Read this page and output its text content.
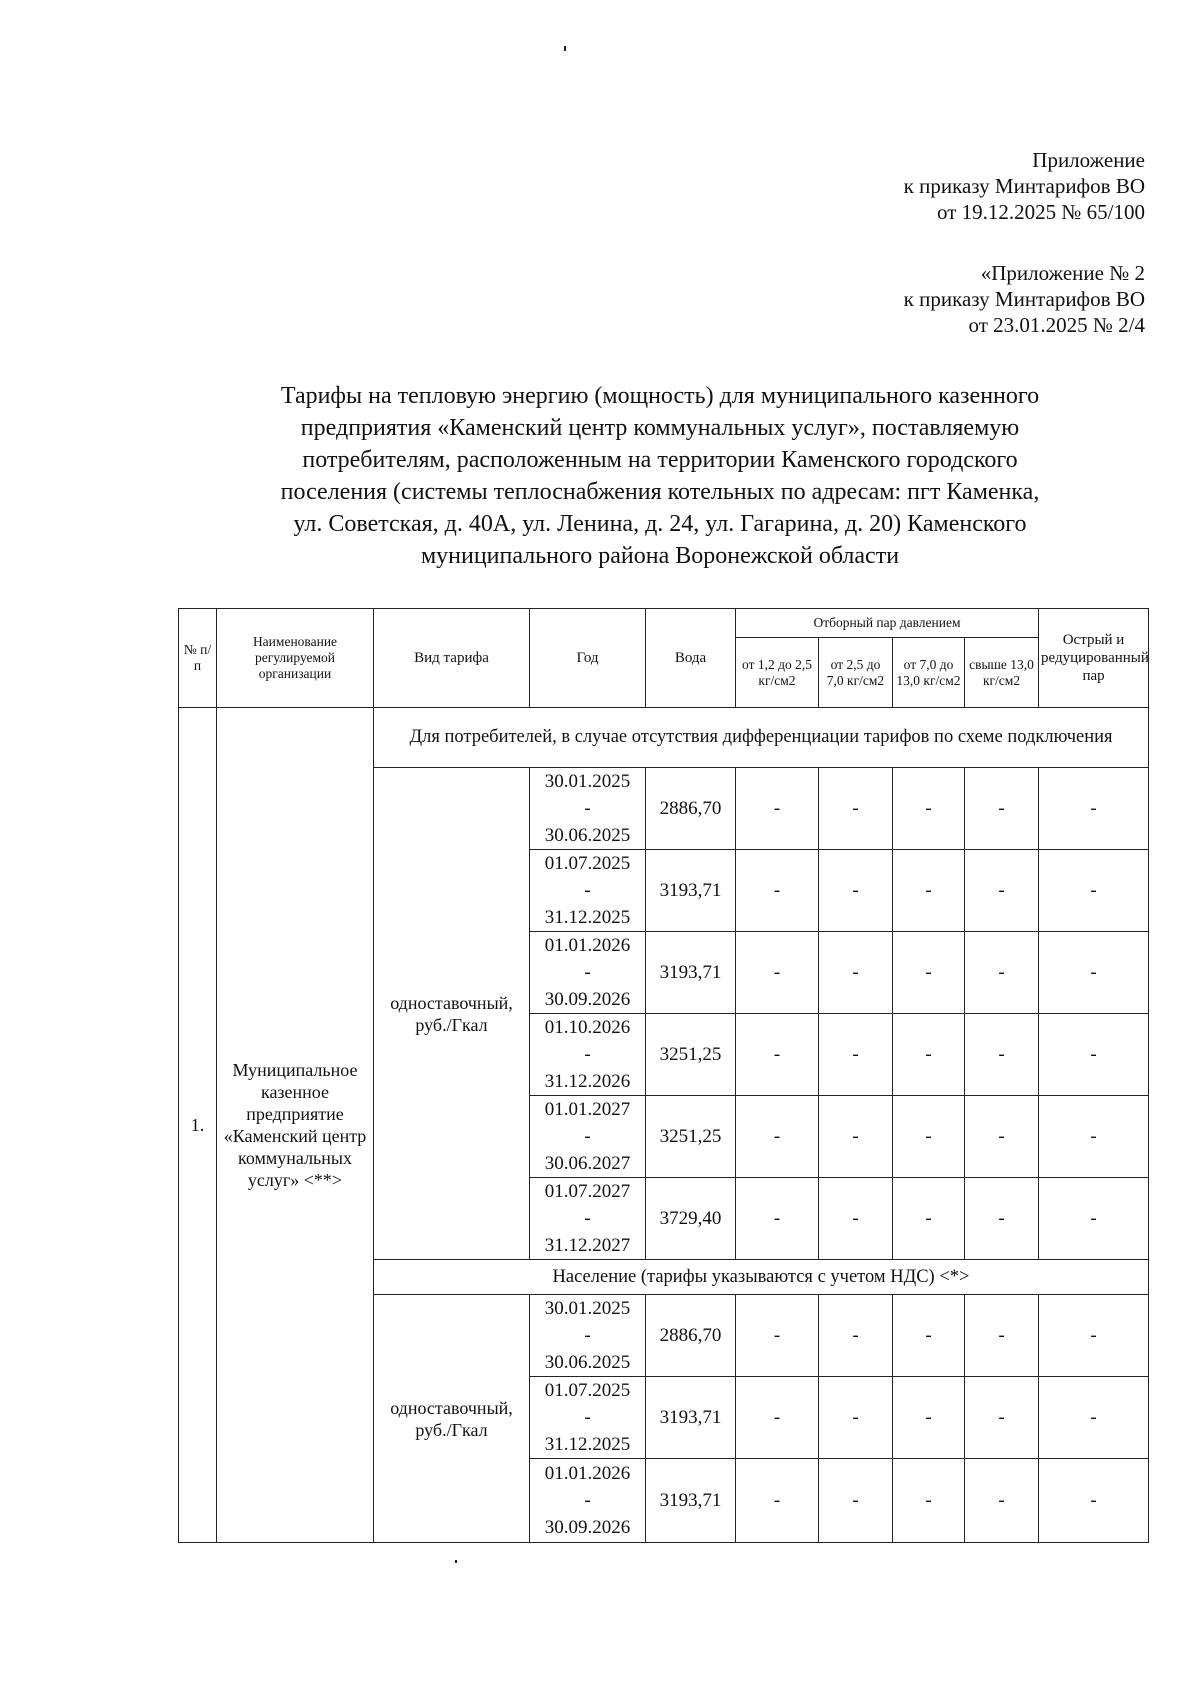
Приложение
к приказу Минтарифов ВО
от 19.12.2025 № 65/100
«Приложение № 2
к приказу Минтарифов ВО
от 23.01.2025 № 2/4
Тарифы на тепловую энергию (мощность) для муниципального казенного
предприятия «Каменский центр коммунальных услуг», поставляемую
потребителям, расположенным на территории Каменского городского
поселения (системы теплоснабжения котельных по адресам: пгт Каменка,
ул. Советская, д. 40А, ул. Ленина, д. 24, ул. Гагарина, д. 20) Каменского
муниципального района Воронежской области
№ п/п	Наименование регулируемой организации	Вид тарифа	Год	Вода	Отборный пар давлением				Острый и редуцированный пар
					от 1,2 до 2,5 кг/см2	от 2,5 до 7,0 кг/см2	от 7,0 до 13,0 кг/см2	свыше 13,0 кг/см2	
1.	Муниципальное казенное предприятие «Каменский центр коммунальных услуг» <**>	Для потребителей, в случае отсутствия дифференциации тарифов по схеме подключения							
		одноставочный, руб./Гкал	30.01.2025
-
30.06.2025	2886,70	-	-	-	-	-

			01.07.2025
-
31.12.2025	3193,71	-	-	-	-	-

			01.01.2026
-
30.09.2026	3193,71	-	-	-	-	-

			01.10.2026
-
31.12.2026	3251,25	-	-	-	-	-

			01.01.2027
-
30.06.2027	3251,25	-	-	-	-	-

			01.07.2027
-
31.12.2027	3729,40	-	-	-	-	-
		Население (тарифы указываются с учетом НДС) <*>							
		одноставочный, руб./Гкал	30.01.2025
-
30.06.2025	2886,70	-	-	-	-	-

			01.07.2025
-
31.12.2025	3193,71	-	-	-	-	-

			01.01.2026
-
30.09.2026	3193,71	-	-	-	-	-
